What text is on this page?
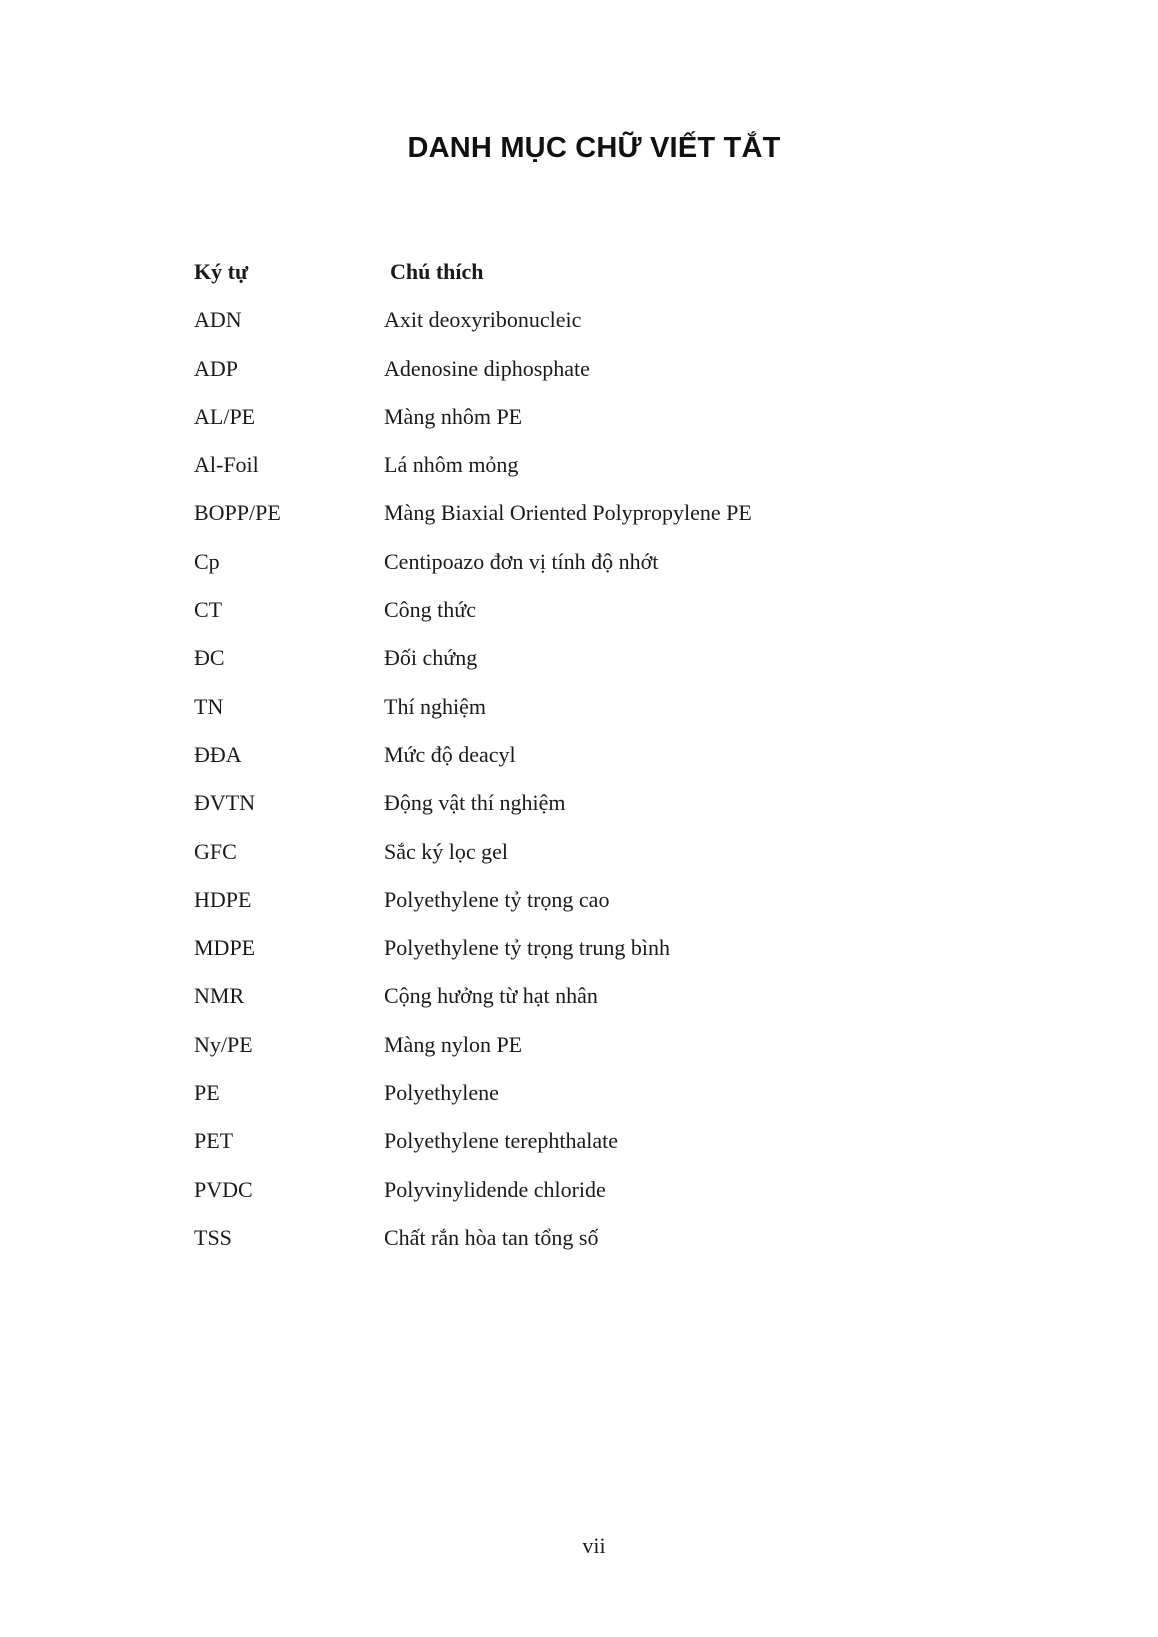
DANH MỤC CHỮ VIẾT TẮT
Ký tự	Chú thích
ADN	Axit deoxyribonucleic
ADP	Adenosine diphosphate
AL/PE	Màng nhôm PE
Al-Foil	Lá nhôm mỏng
BOPP/PE	Màng Biaxial Oriented Polypropylene PE
Cp	Centipoazo đơn vị tính độ nhớt
CT	Công thức
ĐC	Đối chứng
TN	Thí nghiệm
ĐĐA	Mức độ deacyl
ĐVTN	Động vật thí nghiệm
GFC	Sắc ký lọc gel
HDPE	Polyethylene tỷ trọng cao
MDPE	Polyethylene tỷ trọng trung bình
NMR	Cộng hưởng từ hạt nhân
Ny/PE	Màng nylon PE
PE	Polyethylene
PET	Polyethylene terephthalate
PVDC	Polyvinylidende chloride
TSS	Chất rắn hòa tan tổng số
vii
